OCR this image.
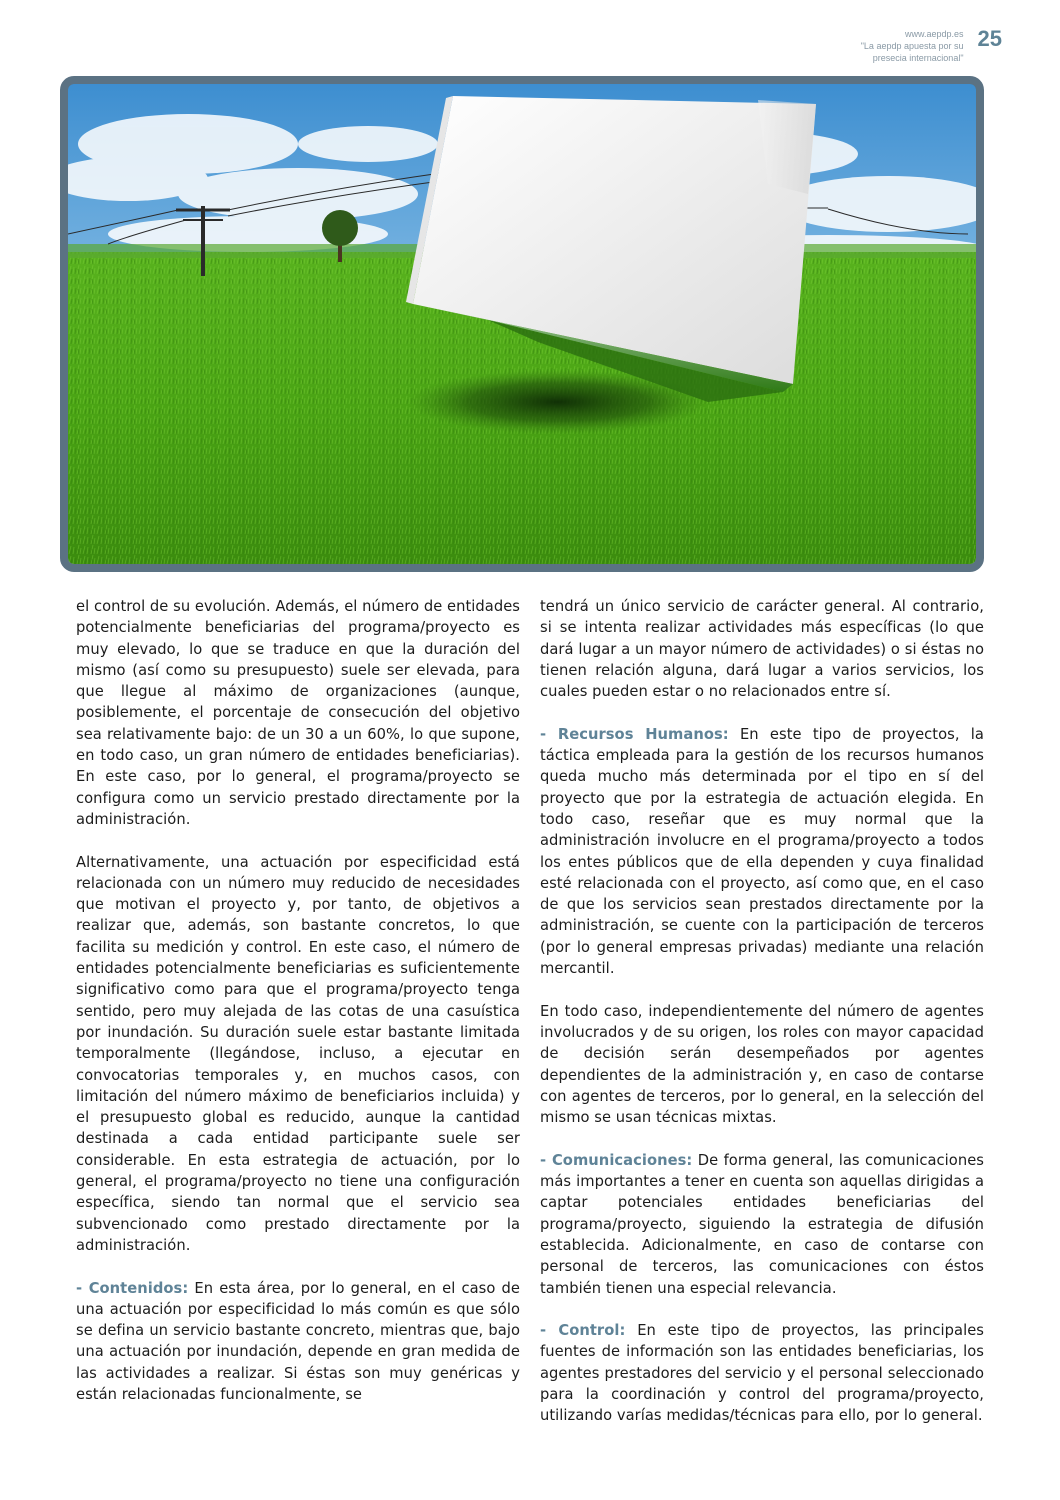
www.aepdp.es
"La aepdp apuesta por su
presecia internacional"
25

el control de su evolución. Además, el número de entidades potencialmente beneficiarias del programa/proyecto es muy elevado, lo que se traduce en que la duración del mismo (así como su presupuesto) suele ser elevada, para que llegue al máximo de organizaciones (aunque, posiblemente, el porcentaje de consecución del objetivo sea relativamente bajo: de un 30 a un 60%, lo que supone, en todo caso, un gran número de entidades beneficiarias). En este caso, por lo general, el programa/proyecto se configura como un servicio prestado directamente por la administración.

Alternativamente, una actuación por especificidad está relacionada con un número muy reducido de necesidades que motivan el proyecto y, por tanto, de objetivos a realizar que, además, son bastante concretos, lo que facilita su medición y control. En este caso, el número de entidades potencialmente beneficiarias es suficientemente significativo como para que el programa/proyecto tenga sentido, pero muy alejada de las cotas de una casuística por inundación. Su duración suele estar bastante limitada temporalmente (llegándose, incluso, a ejecutar en convocatorias temporales y, en muchos casos, con limitación del número máximo de beneficiarios incluida) y el presupuesto global es reducido, aunque la cantidad destinada a cada entidad participante suele ser considerable. En esta estrategia de actuación, por lo general, el programa/proyecto no tiene una configuración específica, siendo tan normal que el servicio sea subvencionado como prestado directamente por la administración.

- Contenidos: En esta área, por lo general, en el caso de una actuación por especificidad lo más común es que sólo se defina un servicio bastante concreto, mientras que, bajo una actuación por inundación, depende en gran medida de las actividades a realizar. Si éstas son muy genéricas y están relacionadas funcionalmente, se

tendrá un único servicio de carácter general. Al contrario, si se intenta realizar actividades más específicas (lo que dará lugar a un mayor número de actividades) o si éstas no tienen relación alguna, dará lugar a varios servicios, los cuales pueden estar o no relacionados entre sí.

- Recursos Humanos: En este tipo de proyectos, la táctica empleada para la gestión de los recursos humanos queda mucho más determinada por el tipo en sí del proyecto que por la estrategia de actuación elegida. En todo caso, reseñar que es muy normal que la administración involucre en el programa/proyecto a todos los entes públicos que de ella dependen y cuya finalidad esté relacionada con el proyecto, así como que, en el caso de que los servicios sean prestados directamente por la administración, se cuente con la participación de terceros (por lo general empresas privadas) mediante una relación mercantil.

En todo caso, independientemente del número de agentes involucrados y de su origen, los roles con mayor capacidad de decisión serán desempeñados por agentes dependientes de la administración y, en caso de contarse con agentes de terceros, por lo general, en la selección del mismo se usan técnicas mixtas.

- Comunicaciones: De forma general, las comunicaciones más importantes a tener en cuenta son aquellas dirigidas a captar potenciales entidades beneficiarias del programa/proyecto, siguiendo la estrategia de difusión establecida. Adicionalmente, en caso de contarse con personal de terceros, las comunicaciones con éstos también tienen una especial relevancia.

- Control: En este tipo de proyectos, las principales fuentes de información son las entidades beneficiarias, los agentes prestadores del servicio y el personal seleccionado para la coordinación y control del programa/proyecto, utilizando varías medidas/técnicas para ello, por lo general.
